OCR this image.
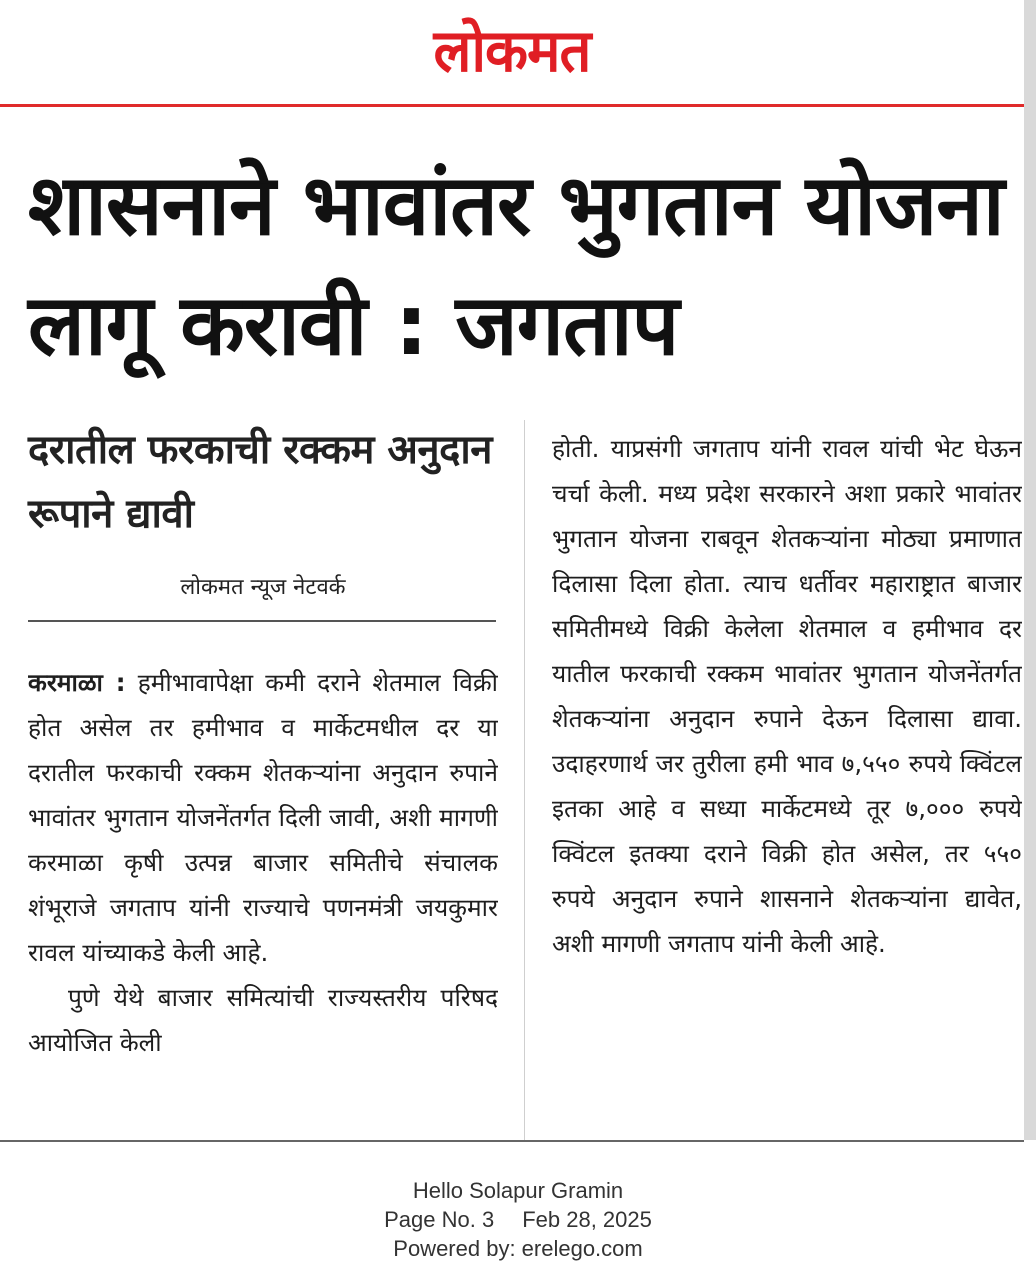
लोकमत
शासनाने भावांतर भुगतान योजना लागू करावी : जगताप
दरातील फरकाची रक्कम अनुदान रूपाने द्यावी
लोकमत न्यूज नेटवर्क

करमाळा : हमीभावापेक्षा कमी दराने शेतमाल विक्री होत असेल तर हमीभाव व मार्केटमधील दर या दरातील फरकाची रक्कम शेतकऱ्यांना अनुदान रुपाने भावांतर भुगतान योजनेंतर्गत दिली जावी, अशी मागणी करमाळा कृषी उत्पन्न बाजार समितीचे संचालक शंभूराजे जगताप यांनी राज्याचे पणनमंत्री जयकुमार रावल यांच्याकडे केली आहे.

पुणे येथे बाजार समित्यांची राज्यस्तरीय परिषद आयोजित केली

होती. याप्रसंगी जगताप यांनी रावल यांची भेट घेऊन चर्चा केली. मध्य प्रदेश सरकारने अशा प्रकारे भावांतर भुगतान योजना राबवून शेतकऱ्यांना मोठ्या प्रमाणात दिलासा दिला होता. त्याच धर्तीवर महाराष्ट्रात बाजार समितीमध्ये विक्री केलेला शेतमाल व हमीभाव दर यातील फरकाची रक्कम भावांतर भुगतान योजनेंतर्गत शेतकऱ्यांना अनुदान रुपाने देऊन दिलासा द्यावा. उदाहरणार्थ जर तुरीला हमी भाव ७,५५० रुपये क्विंटल इतका आहे व सध्या मार्केटमध्ये तूर ७,००० रुपये क्विंटल इतक्या दराने विक्री होत असेल, तर ५५० रुपये अनुदान रुपाने शासनाने शेतकऱ्यांना द्यावेत, अशी मागणी जगताप यांनी केली आहे.

Hello Solapur Gramin
Page No. 3 Feb 28, 2025
Powered by: erelego.com
